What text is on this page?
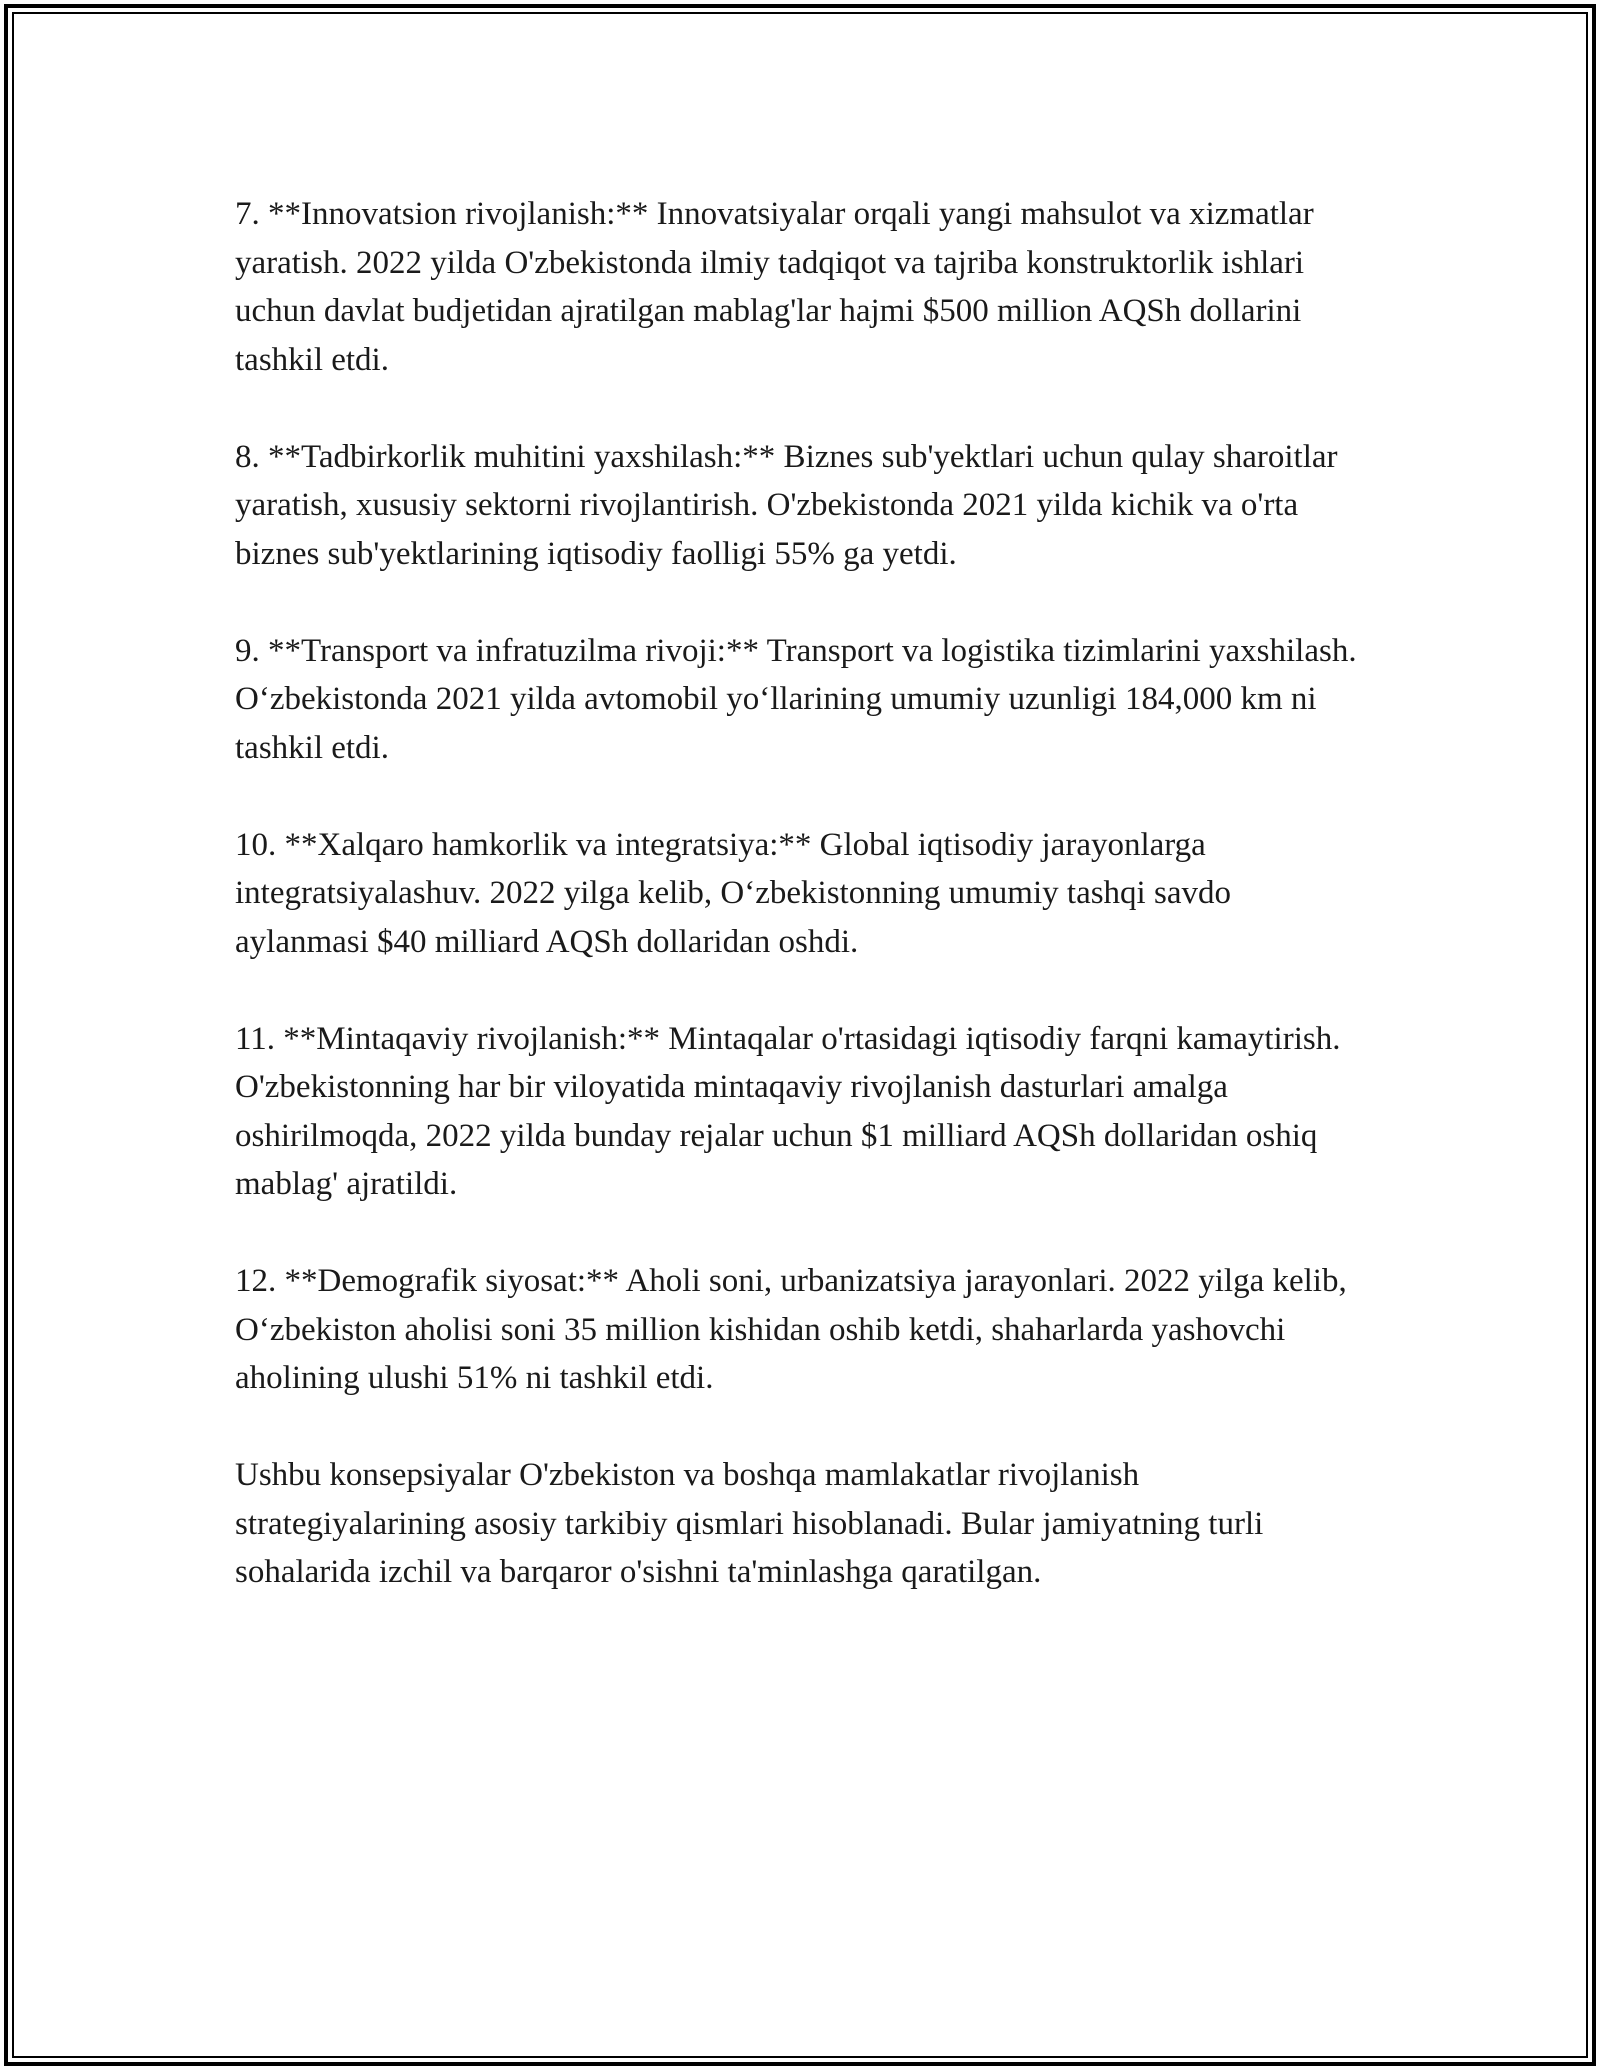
7. **Innovatsion rivojlanish:** Innovatsiyalar orqali yangi mahsulot va xizmatlar yaratish. 2022 yilda O'zbekistonda ilmiy tadqiqot va tajriba konstruktorlik ishlari uchun davlat budjetidan ajratilgan mablag'lar hajmi $500 million AQSh dollarini tashkil etdi.

8. **Tadbirkorlik muhitini yaxshilash:** Biznes sub'yektlari uchun qulay sharoitlar yaratish, xususiy sektorni rivojlantirish. O'zbekistonda 2021 yilda kichik va o'rta biznes sub'yektlarining iqtisodiy faolligi 55% ga yetdi.

9. **Transport va infratuzilma rivoji:** Transport va logistika tizimlarini yaxshilash. O‘zbekistonda 2021 yilda avtomobil yo‘llarining umumiy uzunligi 184,000 km ni tashkil etdi.

10. **Xalqaro hamkorlik va integratsiya:** Global iqtisodiy jarayonlarga integratsiyalashuv. 2022 yilga kelib, O‘zbekistonning umumiy tashqi savdo aylanmasi $40 milliard AQSh dollaridan oshdi.

11. **Mintaqaviy rivojlanish:** Mintaqalar o'rtasidagi iqtisodiy farqni kamaytirish. O'zbekistonning har bir viloyatida mintaqaviy rivojlanish dasturlari amalga oshirilmoqda, 2022 yilda bunday rejalar uchun $1 milliard AQSh dollaridan oshiq mablag' ajratildi.

12. **Demografik siyosat:** Aholi soni, urbanizatsiya jarayonlari. 2022 yilga kelib, O‘zbekiston aholisi soni 35 million kishidan oshib ketdi, shaharlarda yashovchi aholining ulushi 51% ni tashkil etdi.

Ushbu konsepsiyalar O'zbekiston va boshqa mamlakatlar rivojlanish strategiyalarining asosiy tarkibiy qismlari hisoblanadi. Bular jamiyatning turli sohalarida izchil va barqaror o'sishni ta'minlashga qaratilgan.
